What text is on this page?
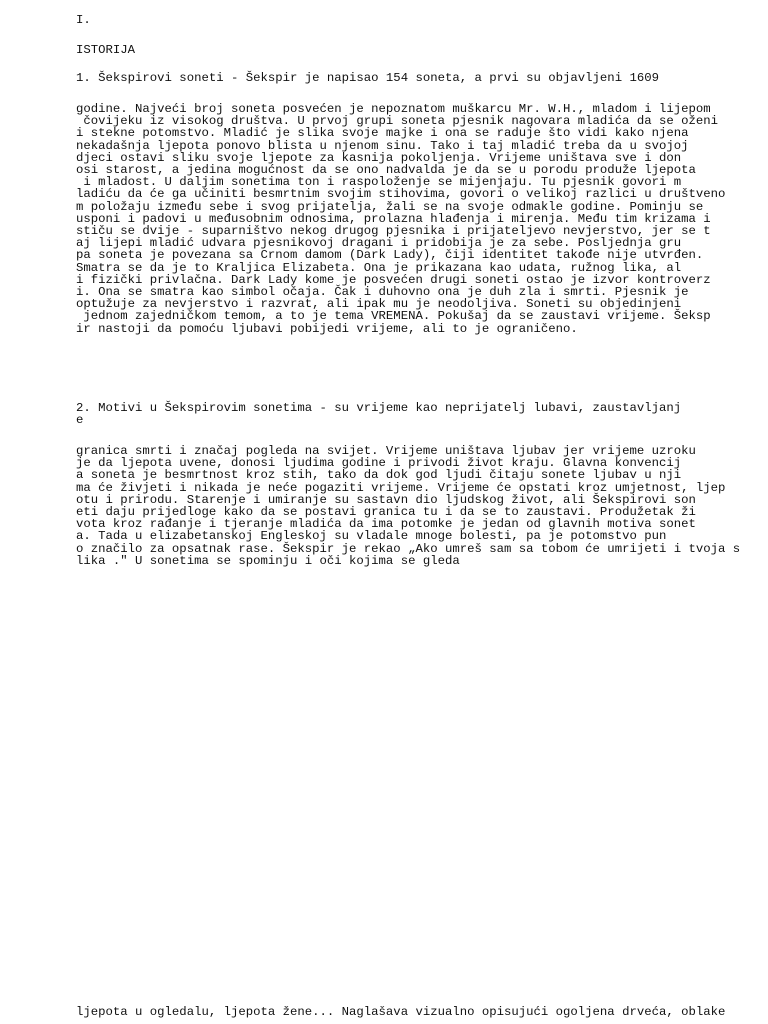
I.
ISTORIJA
1. Šekspirovi soneti - Šekspir je napisao 154 soneta, a prvi su objavljeni 1609
godine. Najveći broj soneta posvećen je nepoznatom muškarcu Mr. W.H., mladom i lijepom
čovijeku iz visokog društva. U prvoj grupi soneta pjesnik nagovara mladića da se oženi
i stekne potomstvo. Mladić je slika svoje majke i ona se raduje što vidi kako njena
nekadašnja ljepota ponovo blista u njenom sinu. Tako i taj mladić treba da u svojoj
djeci ostavi sliku svoje ljepote za kasnija pokoljenja. Vrijeme uništava sve i don
osi starost, a jedina mogućnost da se ono nadvalda je da se u porodu produže ljepota
i mladost. U daljim sonetima ton i raspoloženje se mijenjaju. Tu pjesnik govori m
ladiću da će ga učiniti besmrtnim svojim stihovima, govori o velikoj razlici u društveno
m položaju između sebe i svog prijatelja, žali se na svoje odmakle godine. Pominju se
usponi i padovi u međusobnim odnosima, prolazna hlađenja i mirenja. Među tim krizama i
stiču se dvije - suparništvo nekog drugog pjesnika i prijateljevo nevjerstvo, jer se t
aj lijepi mladić udvara pjesnikovoj dragani i pridobija je za sebe. Posljednja gru
pa soneta je povezana sa Crnom damom (Dark Lady), čiji identitet takođe nije utvrđen.
Smatra se da je to Kraljica Elizabeta. Ona je prikazana kao udata, ružnog lika, al
i fizički privlačna. Dark Lady kome je posvećen drugi soneti ostao je izvor kontroverz
i. Ona se smatra kao simbol očaja. Čak i duhovno ona je duh zla i smrti. Pjesnik je
optužuje za nevjerstvo i razvrat, ali ipak mu je neodoljiva. Soneti su objedinjeni
jednom zajedničkom temom, a to je tema VREMENA. Pokušaj da se zaustavi vrijeme. Šeksp
ir nastoji da pomoću ljubavi pobijedi vrijeme, ali to je ograničeno.
2. Motivi u Šekspirovim sonetima - su vrijeme kao neprijatelj lubavi, zaustavljanj
e
granica smrti i značaj pogleda na svijet. Vrijeme uništava ljubav jer vrijeme uzroku
je da ljepota uvene, donosi ljudima godine i privodi život kraju. Glavna konvencij
a soneta je besmrtnost kroz stih, tako da dok god ljudi čitaju sonete ljubav u nji
ma će živjeti i nikada je neće pogaziti vrijeme. Vrijeme će opstati kroz umjetnost, ljep
otu i prirodu. Starenje i umiranje su sastavn dio ljudskog život, ali Šekspirovi son
eti daju prijedloge kako da se postavi granica tu i da se to zaustavi. Produžetak ži
vota kroz rađanje i tjeranje mladića da ima potomke je jedan od glavnih motiva sonet
a. Tada u elizabetanskoj Engleskoj su vladale mnoge bolesti, pa je potomstvo pun
o značilo za opsatnak rase. Šekspir je rekao „Ako umreš sam sa tobom će umrijeti i tvoja s
lika ." U sonetima se spominju i oči kojima se gleda
ljepota u ogledalu, ljepota žene... Naglašava vizualno opisujući ogoljena drveća, oblake
